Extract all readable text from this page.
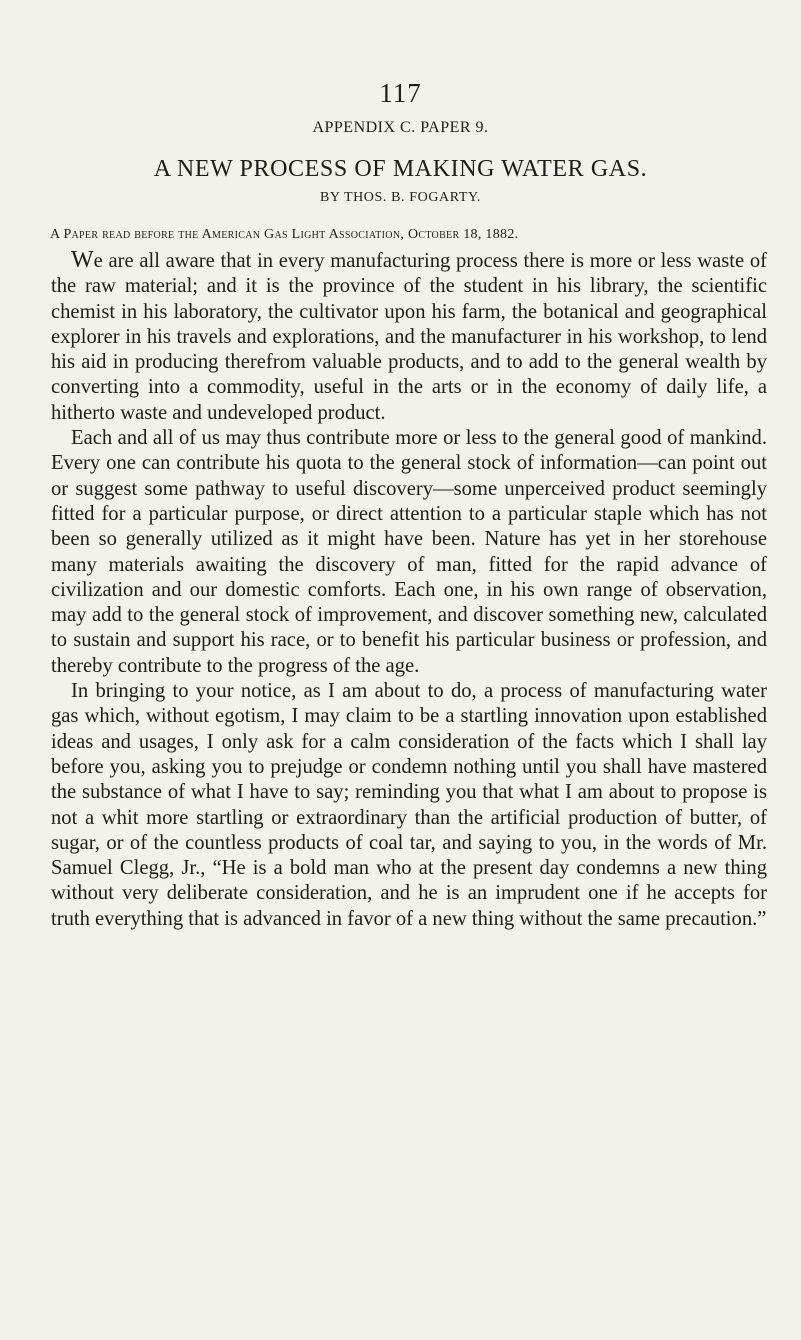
117
APPENDIX C. PAPER 9.
A NEW PROCESS OF MAKING WATER GAS.
BY THOS. B. FOGARTY.
A Paper read before the American Gas Light Association, October 18, 1882.

We are all aware that in every manufacturing process there is more or less waste of the raw material; and it is the province of the student in his library, the scientific chemist in his laboratory, the cultivator upon his farm, the botanical and geographical explorer in his travels and explorations, and the manufacturer in his workshop, to lend his aid in producing therefrom valuable products, and to add to the general wealth by converting into a commodity, useful in the arts or in the economy of daily life, a hitherto waste and undeveloped product.

Each and all of us may thus contribute more or less to the general good of mankind. Every one can contribute his quota to the general stock of information—can point out or suggest some pathway to useful discovery—some unperceived product seemingly fitted for a particular purpose, or direct attention to a particular staple which has not been so generally utilized as it might have been. Nature has yet in her storehouse many materials awaiting the discovery of man, fitted for the rapid advance of civilization and our domestic comforts. Each one, in his own range of observation, may add to the general stock of improvement, and discover something new, calculated to sustain and support his race, or to benefit his particular business or profession, and thereby contribute to the progress of the age.

In bringing to your notice, as I am about to do, a process of manufacturing water gas which, without egotism, I may claim to be a startling innovation upon established ideas and usages, I only ask for a calm consideration of the facts which I shall lay before you, asking you to prejudge or condemn nothing until you shall have mastered the substance of what I have to say; reminding you that what I am about to propose is not a whit more startling or extraordinary than the artificial production of butter, of sugar, or of the countless products of coal tar, and saying to you, in the words of Mr. Samuel Clegg, Jr., “He is a bold man who at the present day condemns a new thing without very deliberate consideration, and he is an imprudent one if he accepts for truth everything that is advanced in favor of a new thing without the same precaution.”
